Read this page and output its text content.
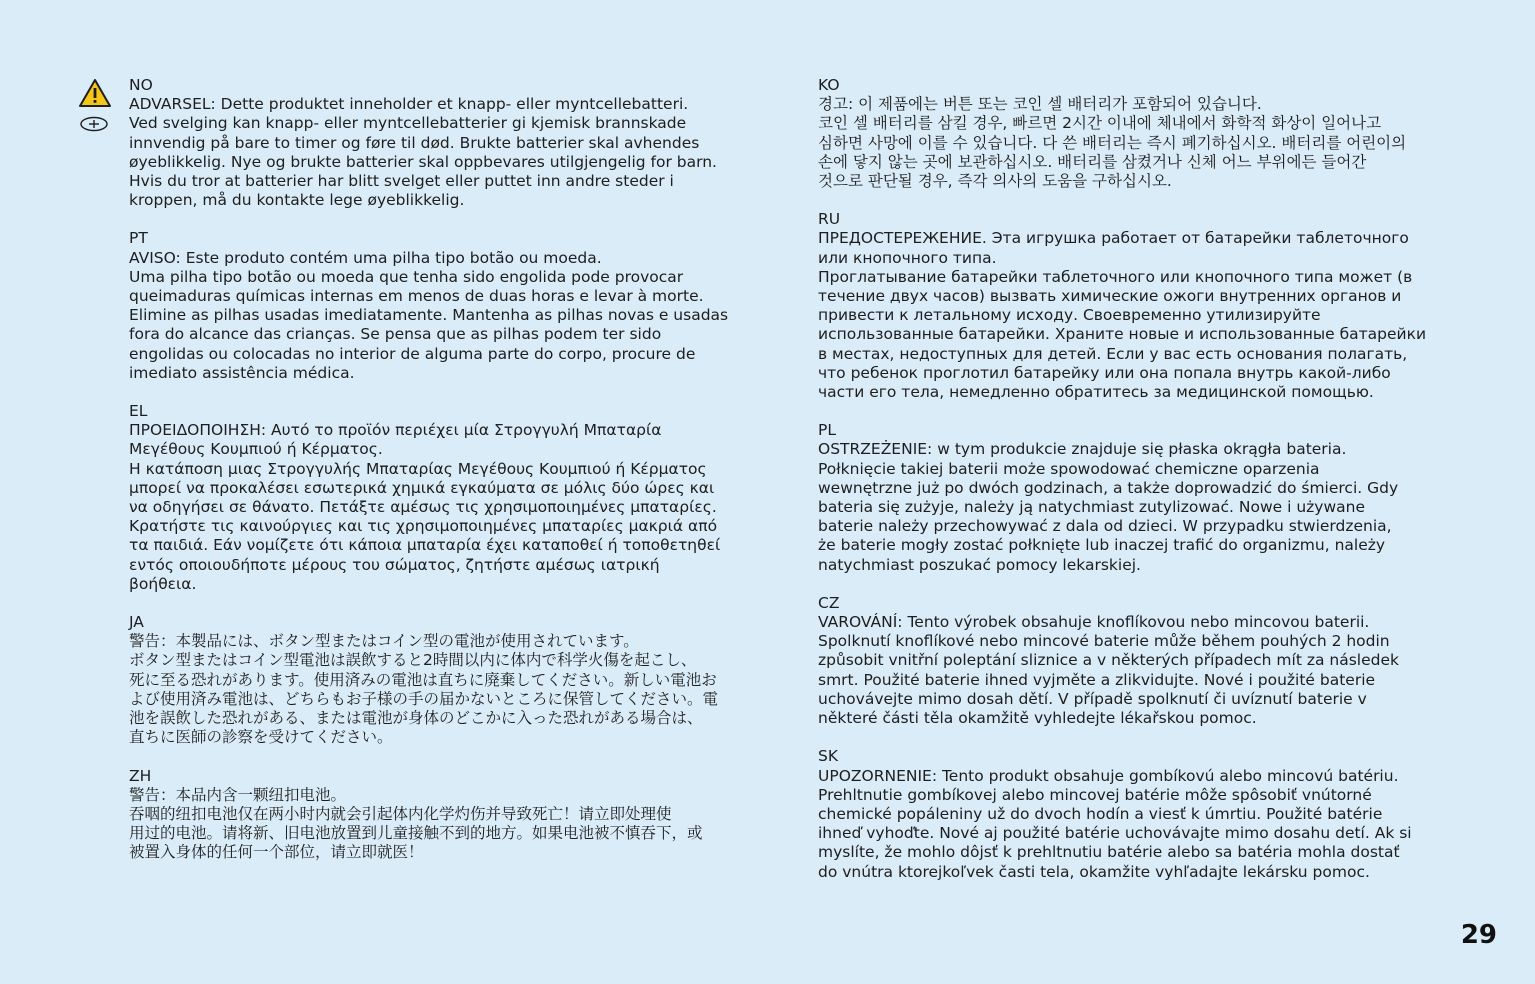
NO
ADVARSEL: Dette produktet inneholder et knapp- eller myntcellebatteri.
Ved svelging kan knapp- eller myntcellebatterier gi kjemisk brannskade
innvendig på bare to timer og føre til død. Brukte batterier skal avhendes
øyeblikkelig. Nye og brukte batterier skal oppbevares utilgjengelig for barn.
Hvis du tror at batterier har blitt svelget eller puttet inn andre steder i
kroppen, må du kontakte lege øyeblikkelig.
PT
AVISO: Este produto contém uma pilha tipo botão ou moeda.
Uma pilha tipo botão ou moeda que tenha sido engolida pode provocar
queimaduras químicas internas em menos de duas horas e levar à morte.
Elimine as pilhas usadas imediatamente. Mantenha as pilhas novas e usadas
fora do alcance das crianças. Se pensa que as pilhas podem ter sido
engolidas ou colocadas no interior de alguma parte do corpo, procure de
imediato assistência médica.
EL
ΠΡΟΕΙΔΟΠΟΙΗΣΗ: Αυτό το προϊόν περιέχει μία Στρογγυλή Μπαταρία
Μεγέθους Κουμπιού ή Κέρματος.
Η κατάποση μιας Στρογγυλής Μπαταρίας Μεγέθους Κουμπιού ή Κέρματος
μπορεί να προκαλέσει εσωτερικά χημικά εγκαύματα σε μόλις δύο ώρες και
να οδηγήσει σε θάνατο. Πετάξτε αμέσως τις χρησιμοποιημένες μπαταρίες.
Κρατήστε τις καινούργιες και τις χρησιμοποιημένες μπαταρίες μακριά από
τα παιδιά. Εάν νομίζετε ότι κάποια μπαταρία έχει καταποθεί ή τοποθετηθεί
εντός οποιουδήποτε μέρους του σώματος, ζητήστε αμέσως ιατρική
βοήθεια.
JA
警告：本製品には、ボタン型またはコイン型の電池が使用されています。
ボタン型またはコイン型電池は誤飲すると2時間以内に体内で科学火傷を起こし、
死に至る恐れがあります。使用済みの電池は直ちに廃棄してください。新しい電池お
よび使用済み電池は、どちらもお子様の手の届かないところに保管してください。電
池を誤飲した恐れがある、または電池が身体のどこかに入った恐れがある場合は、
直ちに医師の診察を受けてください。
ZH
警告：本品内含一颗纽扣电池。
吞咽的纽扣电池仅在两小时内就会引起体内化学灼伤并导致死亡！请立即处理使
用过的电池。请将新、旧电池放置到儿童接触不到的地方。如果电池被不慎吞下，或
被置入身体的任何一个部位，请立即就医！
KO
경고: 이 제품에는 버튼 또는 코인 셀 배터리가 포함되어 있습니다.
코인 셀 배터리를 삼킬 경우, 빠르면 2시간 이내에 체내에서 화학적 화상이 일어나고
심하면 사망에 이를 수 있습니다. 다 쓴 배터리는 즉시 폐기하십시오. 배터리를 어린이의
손에 닿지 않는 곳에 보관하십시오. 배터리를 삼켰거나 신체 어느 부위에든 들어간
것으로 판단될 경우, 즉각 의사의 도움을 구하십시오.
RU
ПРЕДОСТЕРЕЖЕНИЕ. Эта игрушка работает от батарейки таблеточного
или кнопочного типа.
Проглатывание батарейки таблеточного или кнопочного типа может (в
течение двух часов) вызвать химические ожоги внутренних органов и
привести к летальному исходу. Своевременно утилизируйте
использованные батарейки. Храните новые и использованные батарейки
в местах, недоступных для детей. Если у вас есть основания полагать,
что ребенок проглотил батарейку или она попала внутрь какой-либо
части его тела, немедленно обратитесь за медицинской помощью.
PL
OSTRZEŻENIE: w tym produkcie znajduje się płaska okrągła bateria.
Połknięcie takiej baterii może spowodować chemiczne oparzenia
wewnętrzne już po dwóch godzinach, a także doprowadzić do śmierci. Gdy
bateria się zużyje, należy ją natychmiast zutylizować. Nowe i używane
baterie należy przechowywać z dala od dzieci. W przypadku stwierdzenia,
że baterie mogły zostać połknięte lub inaczej trafić do organizmu, należy
natychmiast poszukać pomocy lekarskiej.
CZ
VAROVÁNÍ: Tento výrobek obsahuje knoflíkovou nebo mincovou baterii.
Spolknutí knoflíkové nebo mincové baterie může během pouhých 2 hodin
způsobit vnitřní poleptání sliznice a v některých případech mít za následek
smrt. Použité baterie ihned vyjměte a zlikvidujte. Nové i použité baterie
uchovávejte mimo dosah dětí. V případě spolknutí či uvíznutí baterie v
některé části těla okamžitě vyhledejte lékařskou pomoc.
SK
UPOZORNENIE: Tento produkt obsahuje gombíkovú alebo mincovú batériu.
Prehltnutie gombíkovej alebo mincovej batérie môže spôsobiť vnútorné
chemické popáleniny už do dvoch hodín a viesť k úmrtiu. Použité batérie
ihneď vyhoďte. Nové aj použité batérie uchovávajte mimo dosahu detí. Ak si
myslíte, že mohlo dôjsť k prehltnutiu batérie alebo sa batéria mohla dostať
do vnútra ktorejkoľvek časti tela, okamžite vyhľadajte lekársku pomoc.
29
